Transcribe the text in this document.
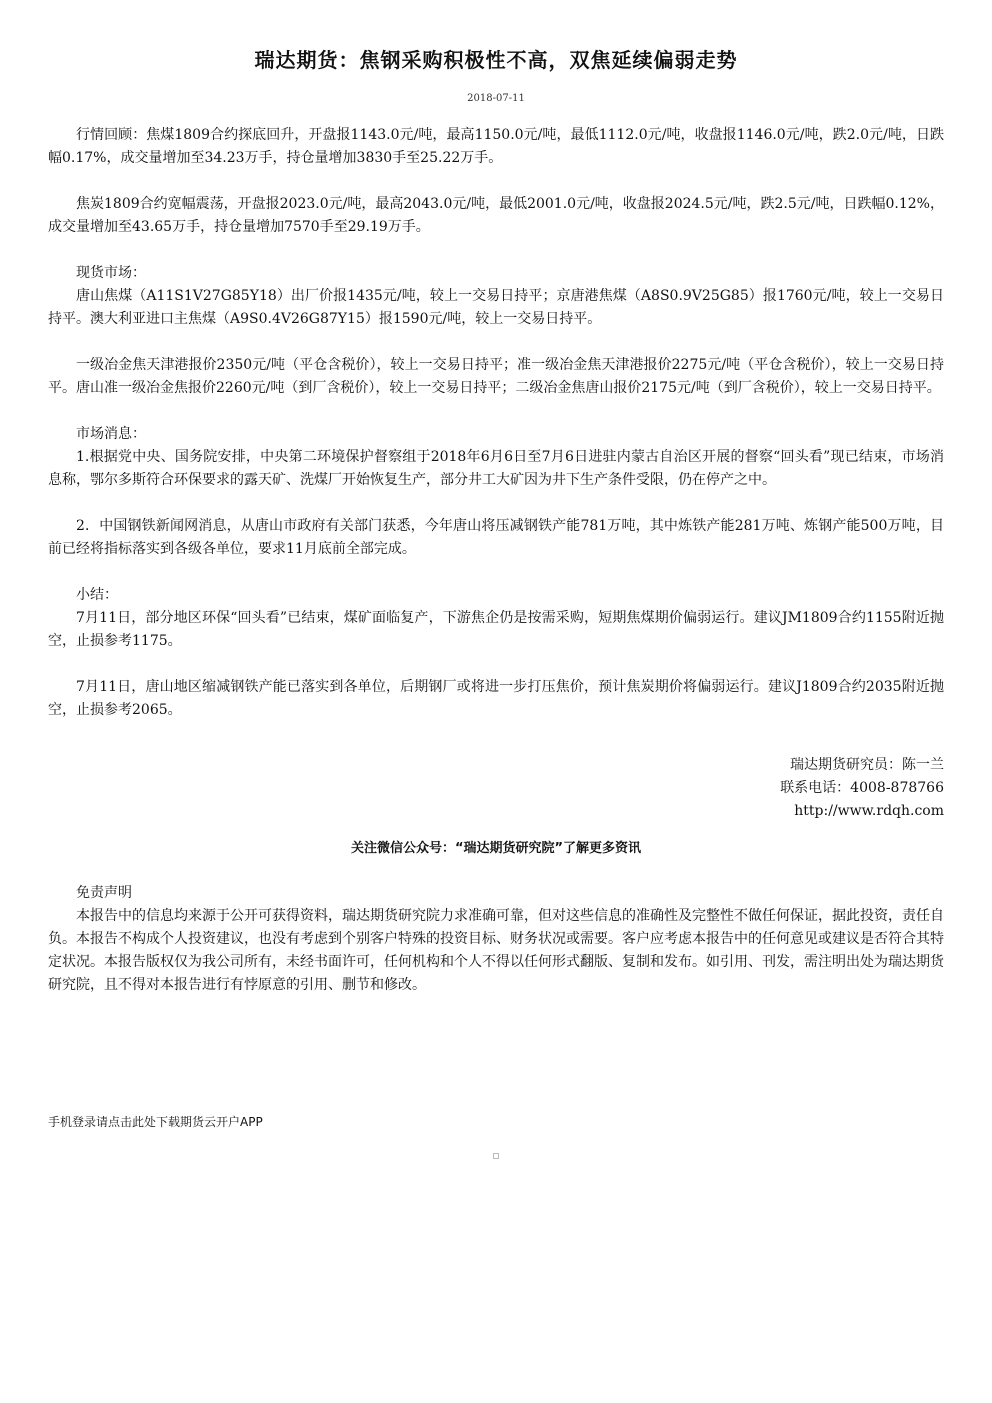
瑞达期货：焦钢采购积极性不高，双焦延续偏弱走势
2018-07-11

行情回顾：焦煤1809合约探底回升，开盘报1143.0元/吨，最高1150.0元/吨，最低1112.0元/吨，收盘报1146.0元/吨，跌2.0元/吨，日跌幅0.17%，成交量增加至34.23万手，持仓量增加3830手至25.22万手。

焦炭1809合约宽幅震荡，开盘报2023.0元/吨，最高2043.0元/吨，最低2001.0元/吨，收盘报2024.5元/吨，跌2.5元/吨，日跌幅0.12%，成交量增加至43.65万手，持仓量增加7570手至29.19万手。

现货市场：

唐山焦煤（A11S1V27G85Y18）出厂价报1435元/吨，较上一交易日持平；京唐港焦煤（A8S0.9V25G85）报1760元/吨，较上一交易日持平。澳大利亚进口主焦煤（A9S0.4V26G87Y15）报1590元/吨，较上一交易日持平。

一级冶金焦天津港报价2350元/吨（平仓含税价），较上一交易日持平；准一级冶金焦天津港报价2275元/吨（平仓含税价），较上一交易日持平。唐山准一级冶金焦报价2260元/吨（到厂含税价），较上一交易日持平；二级冶金焦唐山报价2175元/吨（到厂含税价），较上一交易日持平。

市场消息：

1.根据党中央、国务院安排，中央第二环境保护督察组于2018年6月6日至7月6日进驻内蒙古自治区开展的督察“回头看”现已结束，市场消息称，鄂尔多斯符合环保要求的露天矿、洗煤厂开始恢复生产，部分井工大矿因为井下生产条件受限，仍在停产之中。

2．中国钢铁新闻网消息，从唐山市政府有关部门获悉，今年唐山将压减钢铁产能781万吨，其中炼铁产能281万吨、炼钢产能500万吨，目前已经将指标落实到各级各单位，要求11月底前全部完成。

小结：

7月11日，部分地区环保“回头看”已结束，煤矿面临复产，下游焦企仍是按需采购，短期焦煤期价偏弱运行。建议JM1809合约1155附近抛空，止损参考1175。

7月11日，唐山地区缩减钢铁产能已落实到各单位，后期钢厂或将进一步打压焦价，预计焦炭期价将偏弱运行。建议J1809合约2035附近抛空，止损参考2065。

瑞达期货研究员：陈一兰
联系电话：4008-878766
http://www.rdqh.com
关注微信公众号：“瑞达期货研究院”了解更多资讯

免责声明

本报告中的信息均来源于公开可获得资料，瑞达期货研究院力求准确可靠，但对这些信息的准确性及完整性不做任何保证，据此投资，责任自负。本报告不构成个人投资建议，也没有考虑到个别客户特殊的投资目标、财务状况或需要。客户应考虑本报告中的任何意见或建议是否符合其特定状况。本报告版权仅为我公司所有，未经书面许可，任何机构和个人不得以任何形式翻版、复制和发布。如引用、刊发，需注明出处为瑞达期货研究院，且不得对本报告进行有悖原意的引用、删节和修改。

手机登录请点击此处下载期货云开户APP
